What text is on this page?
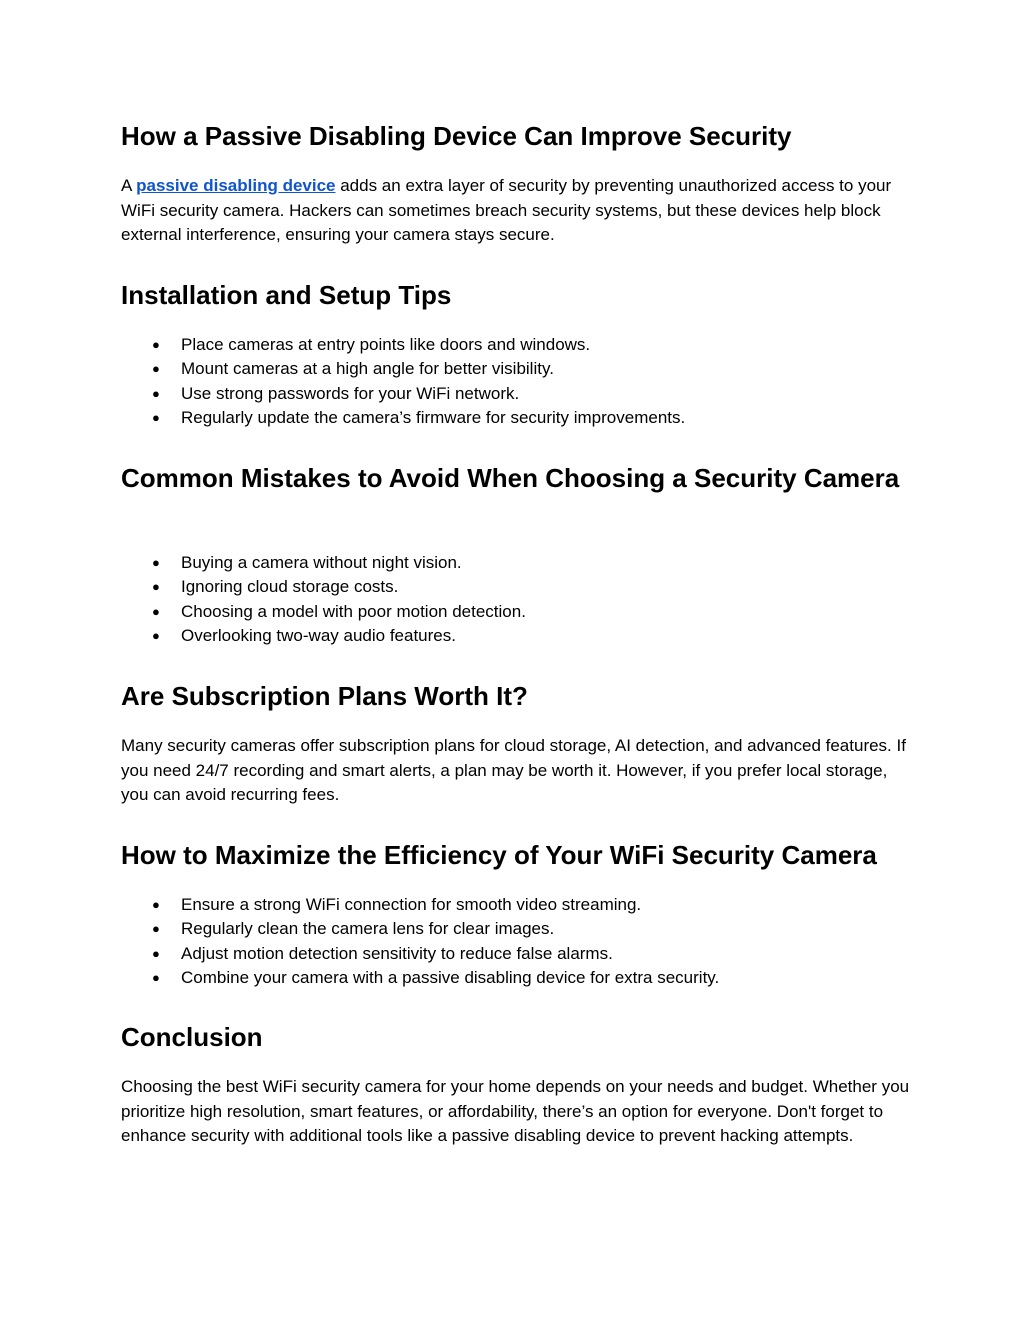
How a Passive Disabling Device Can Improve Security

A passive disabling device adds an extra layer of security by preventing unauthorized access to your WiFi security camera. Hackers can sometimes breach security systems, but these devices help block external interference, ensuring your camera stays secure.

Installation and Setup Tips
● Place cameras at entry points like doors and windows.
● Mount cameras at a high angle for better visibility.
● Use strong passwords for your WiFi network.
● Regularly update the camera’s firmware for security improvements.
Common Mistakes to Avoid When Choosing a Security Camera
● Buying a camera without night vision.
● Ignoring cloud storage costs.
● Choosing a model with poor motion detection.
● Overlooking two-way audio features.
Are Subscription Plans Worth It?

Many security cameras offer subscription plans for cloud storage, AI detection, and advanced features. If you need 24/7 recording and smart alerts, a plan may be worth it. However, if you prefer local storage, you can avoid recurring fees.

How to Maximize the Efficiency of Your WiFi Security Camera
● Ensure a strong WiFi connection for smooth video streaming.
● Regularly clean the camera lens for clear images.
● Adjust motion detection sensitivity to reduce false alarms.
● Combine your camera with a passive disabling device for extra security.
Conclusion

Choosing the best WiFi security camera for your home depends on your needs and budget. Whether you prioritize high resolution, smart features, or affordability, there’s an option for everyone. Don't forget to enhance security with additional tools like a passive disabling device to prevent hacking attempts.
